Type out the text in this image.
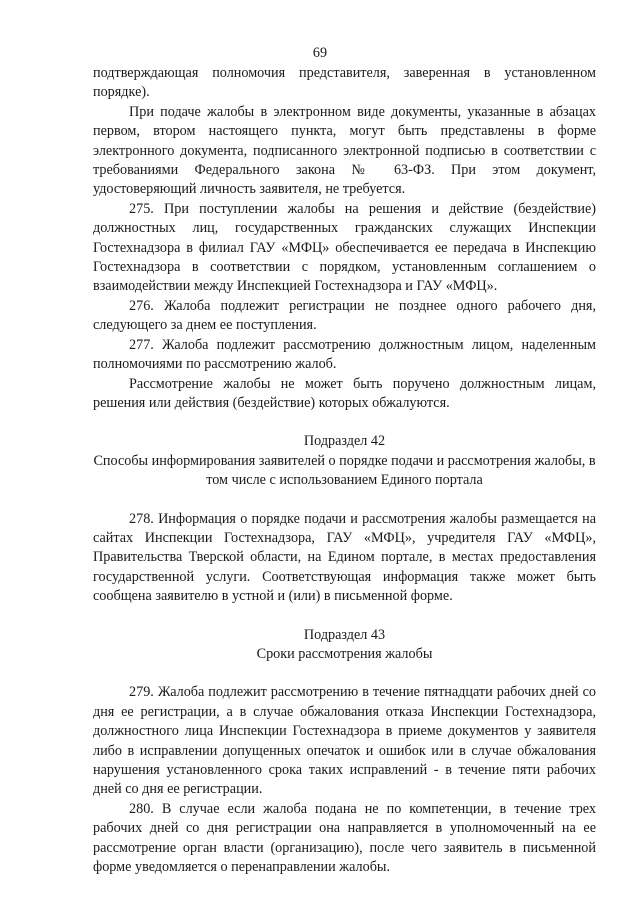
69

подтверждающая полномочия представителя, заверенная в установленном порядке).

При подаче жалобы в электронном виде документы, указанные в абзацах первом, втором настоящего пункта, могут быть представлены в форме электронного документа, подписанного электронной подписью в соответствии с требованиями Федерального закона № 63-ФЗ. При этом документ, удостоверяющий личность заявителя, не требуется.

275. При поступлении жалобы на решения и действие (бездействие) должностных лиц, государственных гражданских служащих Инспекции Гостехнадзора в филиал ГАУ «МФЦ» обеспечивается ее передача в Инспекцию Гостехнадзора в соответствии с порядком, установленным соглашением о взаимодействии между Инспекцией Гостехнадзора и ГАУ «МФЦ».

276. Жалоба подлежит регистрации не позднее одного рабочего дня, следующего за днем ее поступления.

277. Жалоба подлежит рассмотрению должностным лицом, наделенным полномочиями по рассмотрению жалоб.

Рассмотрение жалобы не может быть поручено должностным лицам, решения или действия (бездействие) которых обжалуются.

Подраздел 42

Способы информирования заявителей о порядке подачи и рассмотрения жалобы, в том числе с использованием Единого портала

278. Информация о порядке подачи и рассмотрения жалобы размещается на сайтах Инспекции Гостехнадзора, ГАУ «МФЦ», учредителя ГАУ «МФЦ», Правительства Тверской области, на Едином портале, в местах предоставления государственной услуги. Соответствующая информация также может быть сообщена заявителю в устной и (или) в письменной форме.

Подраздел 43

Сроки рассмотрения жалобы

279. Жалоба подлежит рассмотрению в течение пятнадцати рабочих дней со дня ее регистрации, а в случае обжалования отказа Инспекции Гостехнадзора, должностного лица Инспекции Гостехнадзора в приеме документов у заявителя либо в исправлении допущенных опечаток и ошибок или в случае обжалования нарушения установленного срока таких исправлений - в течение пяти рабочих дней со дня ее регистрации.

280. В случае если жалоба подана не по компетенции, в течение трех рабочих дней со дня регистрации она направляется в уполномоченный на ее рассмотрение орган власти (организацию), после чего заявитель в письменной форме уведомляется о перенаправлении жалобы.
